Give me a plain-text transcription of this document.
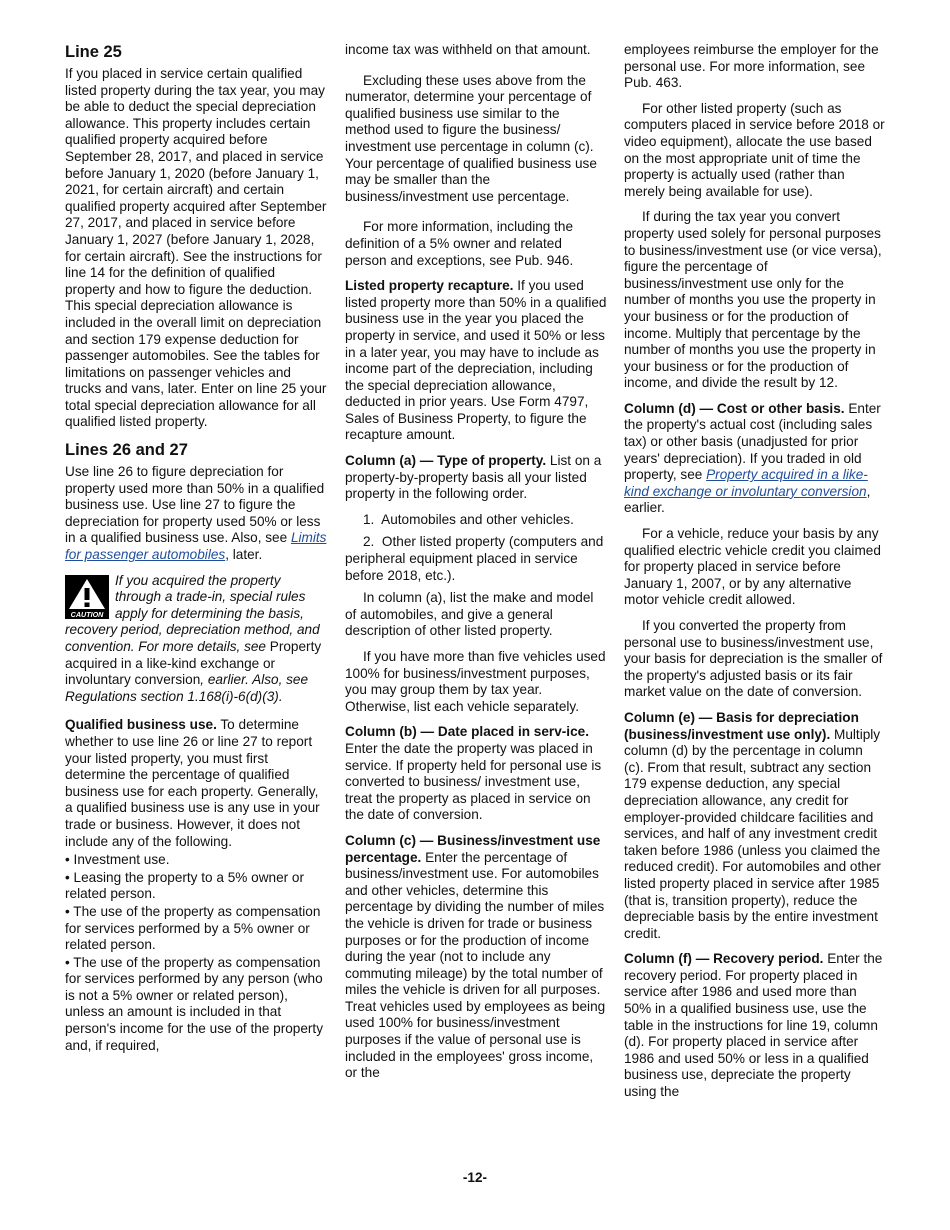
Line 25

If you placed in service certain qualified listed property during the tax year, you may be able to deduct the special depreciation allowance. This property includes certain qualified property acquired before September 28, 2017, and placed in service before January 1, 2020 (before January 1, 2021, for certain aircraft) and certain qualified property acquired after September 27, 2017, and placed in service before January 1, 2027 (before January 1, 2028, for certain aircraft). See the instructions for line 14 for the definition of qualified property and how to figure the deduction. This special depreciation allowance is included in the overall limit on depreciation and section 179 expense deduction for passenger automobiles. See the tables for limitations on passenger vehicles and trucks and vans, later. Enter on line 25 your total special depreciation allowance for all qualified listed property.

Lines 26 and 27

Use line 26 to figure depreciation for property used more than 50% in a qualified business use. Use line 27 to figure the depreciation for property used 50% or less in a qualified business use. Also, see Limits for passenger automobiles, later.

CAUTION
If you acquired the property through a trade-in, special rules apply for determining the basis, recovery period, depreciation method, and convention. For more details, see Property acquired in a like-kind exchange or involuntary conversion, earlier. Also, see Regulations section 1.168(i)-6(d)(3).

Qualified business use. To determine whether to use line 26 or line 27 to report your listed property, you must first determine the percentage of qualified business use for each property. Generally, a qualified business use is any use in your trade or business. However, it does not include any of the following.

• Investment use.
• Leasing the property to a 5% owner or related person.
• The use of the property as compensation for services performed by a 5% owner or related person.
• The use of the property as compensation for services performed by any person (who is not a 5% owner or related person), unless an amount is included in that person's income for the use of the property and, if required,

income tax was withheld on that amount.

Excluding these uses above from the numerator, determine your percentage of qualified business use similar to the method used to figure the business/ investment use percentage in column (c). Your percentage of qualified business use may be smaller than the business/investment use percentage.

For more information, including the definition of a 5% owner and related person and exceptions, see Pub. 946.

Listed property recapture. If you used listed property more than 50% in a qualified business use in the year you placed the property in service, and used it 50% or less in a later year, you may have to include as income part of the depreciation, including the special depreciation allowance, deducted in prior years. Use Form 4797, Sales of Business Property, to figure the recapture amount.

Column (a) — Type of property. List on a property-by-property basis all your listed property in the following order.

1. Automobiles and other vehicles.
2. Other listed property (computers and peripheral equipment placed in service before 2018, etc.).

In column (a), list the make and model of automobiles, and give a general description of other listed property.

If you have more than five vehicles used 100% for business/investment purposes, you may group them by tax year. Otherwise, list each vehicle separately.

Column (b) — Date placed in serv-ice. Enter the date the property was placed in service. If property held for personal use is converted to business/ investment use, treat the property as placed in service on the date of conversion.

Column (c) — Business/investment use percentage. Enter the percentage of business/investment use. For automobiles and other vehicles, determine this percentage by dividing the number of miles the vehicle is driven for trade or business purposes or for the production of income during the year (not to include any commuting mileage) by the total number of miles the vehicle is driven for all purposes. Treat vehicles used by employees as being used 100% for business/investment purposes if the value of personal use is included in the employees' gross income, or the

employees reimburse the employer for the personal use. For more information, see Pub. 463.

For other listed property (such as computers placed in service before 2018 or video equipment), allocate the use based on the most appropriate unit of time the property is actually used (rather than merely being available for use).

If during the tax year you convert property used solely for personal purposes to business/investment use (or vice versa), figure the percentage of business/investment use only for the number of months you use the property in your business or for the production of income. Multiply that percentage by the number of months you use the property in your business or for the production of income, and divide the result by 12.

Column (d) — Cost or other basis. Enter the property's actual cost (including sales tax) or other basis (unadjusted for prior years' depreciation). If you traded in old property, see Property acquired in a like-kind exchange or involuntary conversion, earlier.

For a vehicle, reduce your basis by any qualified electric vehicle credit you claimed for property placed in service before January 1, 2007, or by any alternative motor vehicle credit allowed.

If you converted the property from personal use to business/investment use, your basis for depreciation is the smaller of the property's adjusted basis or its fair market value on the date of conversion.

Column (e) — Basis for depreciation (business/investment use only). Multiply column (d) by the percentage in column (c). From that result, subtract any section 179 expense deduction, any special depreciation allowance, any credit for employer-provided childcare facilities and services, and half of any investment credit taken before 1986 (unless you claimed the reduced credit). For automobiles and other listed property placed in service after 1985 (that is, transition property), reduce the depreciable basis by the entire investment credit.

Column (f) — Recovery period. Enter the recovery period. For property placed in service after 1986 and used more than 50% in a qualified business use, use the table in the instructions for line 19, column (d). For property placed in service after 1986 and used 50% or less in a qualified business use, depreciate the property using the

-12-
